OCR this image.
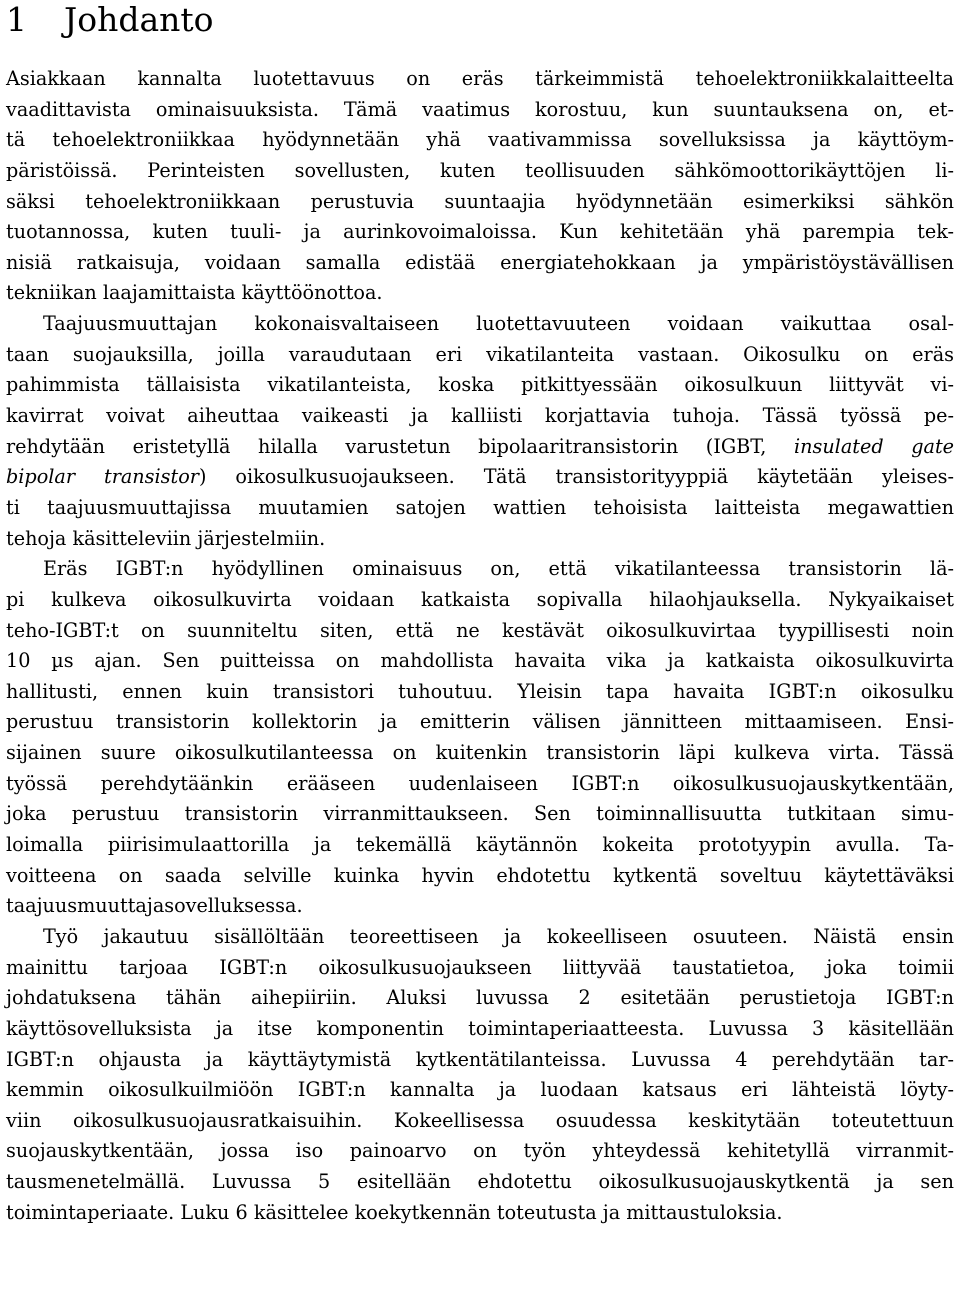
1 Johdanto
Asiakkaan kannalta luotettavuus on eräs tärkeimmistä tehoelektroniikkalaitteelta
vaadittavista ominaisuuksista. Tämä vaatimus korostuu, kun suuntauksena on, et-
tä tehoelektroniikkaa hyödynnetään yhä vaativammissa sovelluksissa ja käyttöym-
päristöissä. Perinteisten sovellusten, kuten teollisuuden sähkömoottorikäyttöjen li-
säksi tehoelektroniikkaan perustuvia suuntaajia hyödynnetään esimerkiksi sähkön
tuotannossa, kuten tuuli- ja aurinkovoimaloissa. Kun kehitetään yhä parempia tek-
nisiä ratkaisuja, voidaan samalla edistää energiatehokkaan ja ympäristöystävällisen
tekniikan laajamittaista käyttöönottoa.
Taajuusmuuttajan kokonaisvaltaiseen luotettavuuteen voidaan vaikuttaa osal-
taan suojauksilla, joilla varaudutaan eri vikatilanteita vastaan. Oikosulku on eräs
pahimmista tällaisista vikatilanteista, koska pitkittyessään oikosulkuun liittyvät vi-
kavirrat voivat aiheuttaa vaikeasti ja kalliisti korjattavia tuhoja. Tässä työssä pe-
rehdytään eristetyllä hilalla varustetun bipolaaritransistorin (IGBT, insulated gate
bipolar transistor) oikosulkusuojaukseen. Tätä transistorityyppiä käytetään yleises-
ti taajuusmuuttajissa muutamien satojen wattien tehoisista laitteista megawattien
tehoja käsitteleviin järjestelmiin.
Eräs IGBT:n hyödyllinen ominaisuus on, että vikatilanteessa transistorin lä-
pi kulkeva oikosulkuvirta voidaan katkaista sopivalla hilaohjauksella. Nykyaikaiset
teho-IGBT:t on suunniteltu siten, että ne kestävät oikosulkuvirtaa tyypillisesti noin
10 µs ajan. Sen puitteissa on mahdollista havaita vika ja katkaista oikosulkuvirta
hallitusti, ennen kuin transistori tuhoutuu. Yleisin tapa havaita IGBT:n oikosulku
perustuu transistorin kollektorin ja emitterin välisen jännitteen mittaamiseen. Ensi-
sijainen suure oikosulkutilanteessa on kuitenkin transistorin läpi kulkeva virta. Tässä
työssä perehdytäänkin erääseen uudenlaiseen IGBT:n oikosulkusuojauskytkentään,
joka perustuu transistorin virranmittaukseen. Sen toiminnallisuutta tutkitaan simu-
loimalla piirisimulaattorilla ja tekemällä käytännön kokeita prototyypin avulla. Ta-
voitteena on saada selville kuinka hyvin ehdotettu kytkentä soveltuu käytettäväksi
taajuusmuuttajasovelluksessa.
Työ jakautuu sisällöltään teoreettiseen ja kokeelliseen osuuteen. Näistä ensin
mainittu tarjoaa IGBT:n oikosulkusuojaukseen liittyvää taustatietoa, joka toimii
johdatuksena tähän aihepiiriin. Aluksi luvussa 2 esitetään perustietoja IGBT:n
käyttösovelluksista ja itse komponentin toimintaperiaatteesta. Luvussa 3 käsitellään
IGBT:n ohjausta ja käyttäytymistä kytkentätilanteissa. Luvussa 4 perehdytään tar-
kemmin oikosulkuilmiöön IGBT:n kannalta ja luodaan katsaus eri lähteistä löyty-
viin oikosulkusuojausratkaisuihin. Kokeellisessa osuudessa keskitytään toteutettuun
suojauskytkentään, jossa iso painoarvo on työn yhteydessä kehitetyllä virranmit-
tausmenetelmällä. Luvussa 5 esitellään ehdotettu oikosulkusuojauskytkentä ja sen
toimintaperiaate. Luku 6 käsittelee koekytkennän toteutusta ja mittaustuloksia.
